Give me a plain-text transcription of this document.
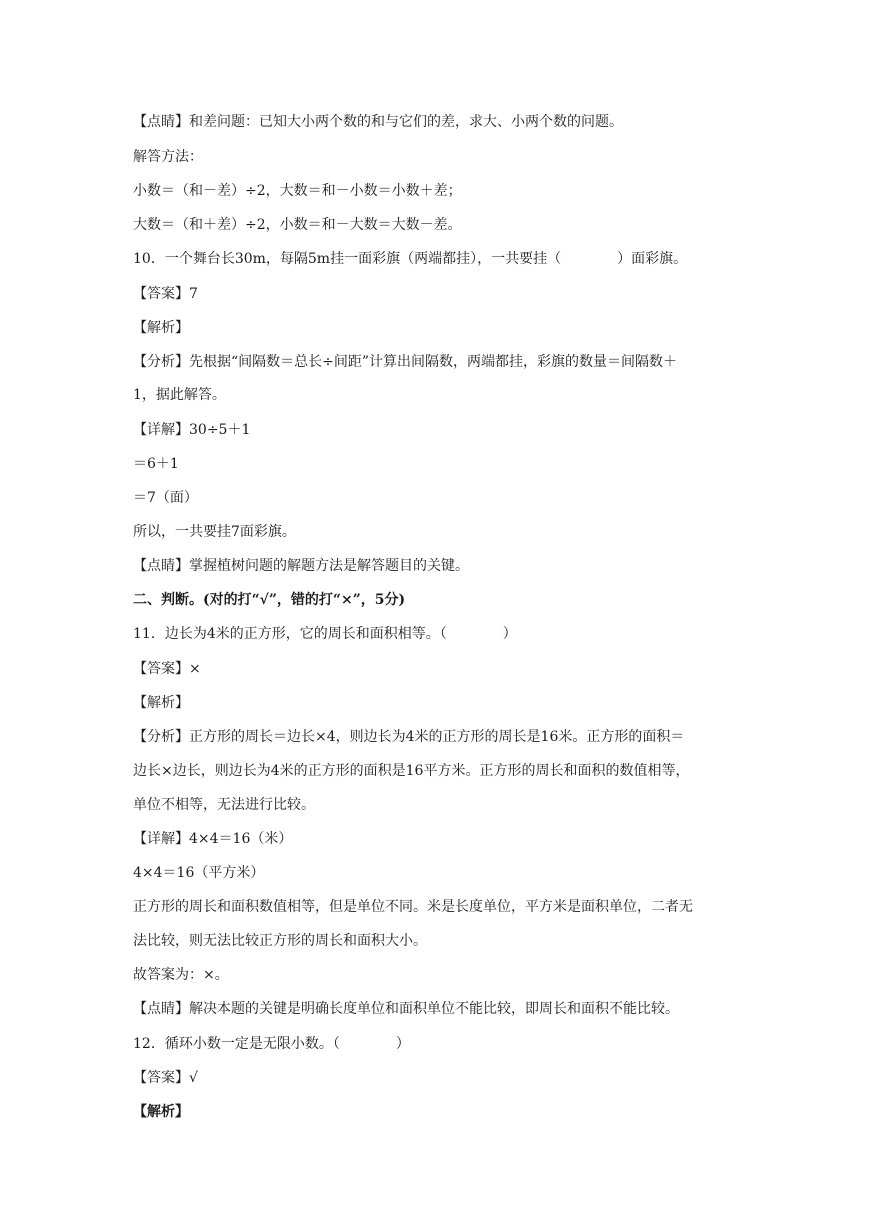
【点睛】和差问题：已知大小两个数的和与它们的差，求大、小两个数的问题。
解答方法：
小数＝（和－差）÷2，大数＝和－小数＝小数＋差；
大数＝（和＋差）÷2，小数＝和－大数＝大数－差。
10．一个舞台长30m，每隔5m挂一面彩旗（两端都挂），一共要挂（　　　　）面彩旗。
【答案】7
【解析】
【分析】先根据“间隔数＝总长÷间距”计算出间隔数，两端都挂，彩旗的数量＝间隔数＋
1，据此解答。
【详解】30÷5＋1
＝6＋1
＝7（面）
所以，一共要挂7面彩旗。
【点睛】掌握植树问题的解题方法是解答题目的关键。
二、判断。(对的打“√”，错的打“×”，5分)
11．边长为4米的正方形，它的周长和面积相等。（　　　　）
【答案】×
【解析】
【分析】正方形的周长＝边长×4，则边长为4米的正方形的周长是16米。正方形的面积＝
边长×边长，则边长为4米的正方形的面积是16平方米。正方形的周长和面积的数值相等，
单位不相等，无法进行比较。
【详解】4×4＝16（米）
4×4＝16（平方米）
正方形的周长和面积数值相等，但是单位不同。米是长度单位，平方米是面积单位，二者无
法比较，则无法比较正方形的周长和面积大小。
故答案为：×。
【点睛】解决本题的关键是明确长度单位和面积单位不能比较，即周长和面积不能比较。
12．循环小数一定是无限小数。（　　　　）
【答案】√
【解析】
